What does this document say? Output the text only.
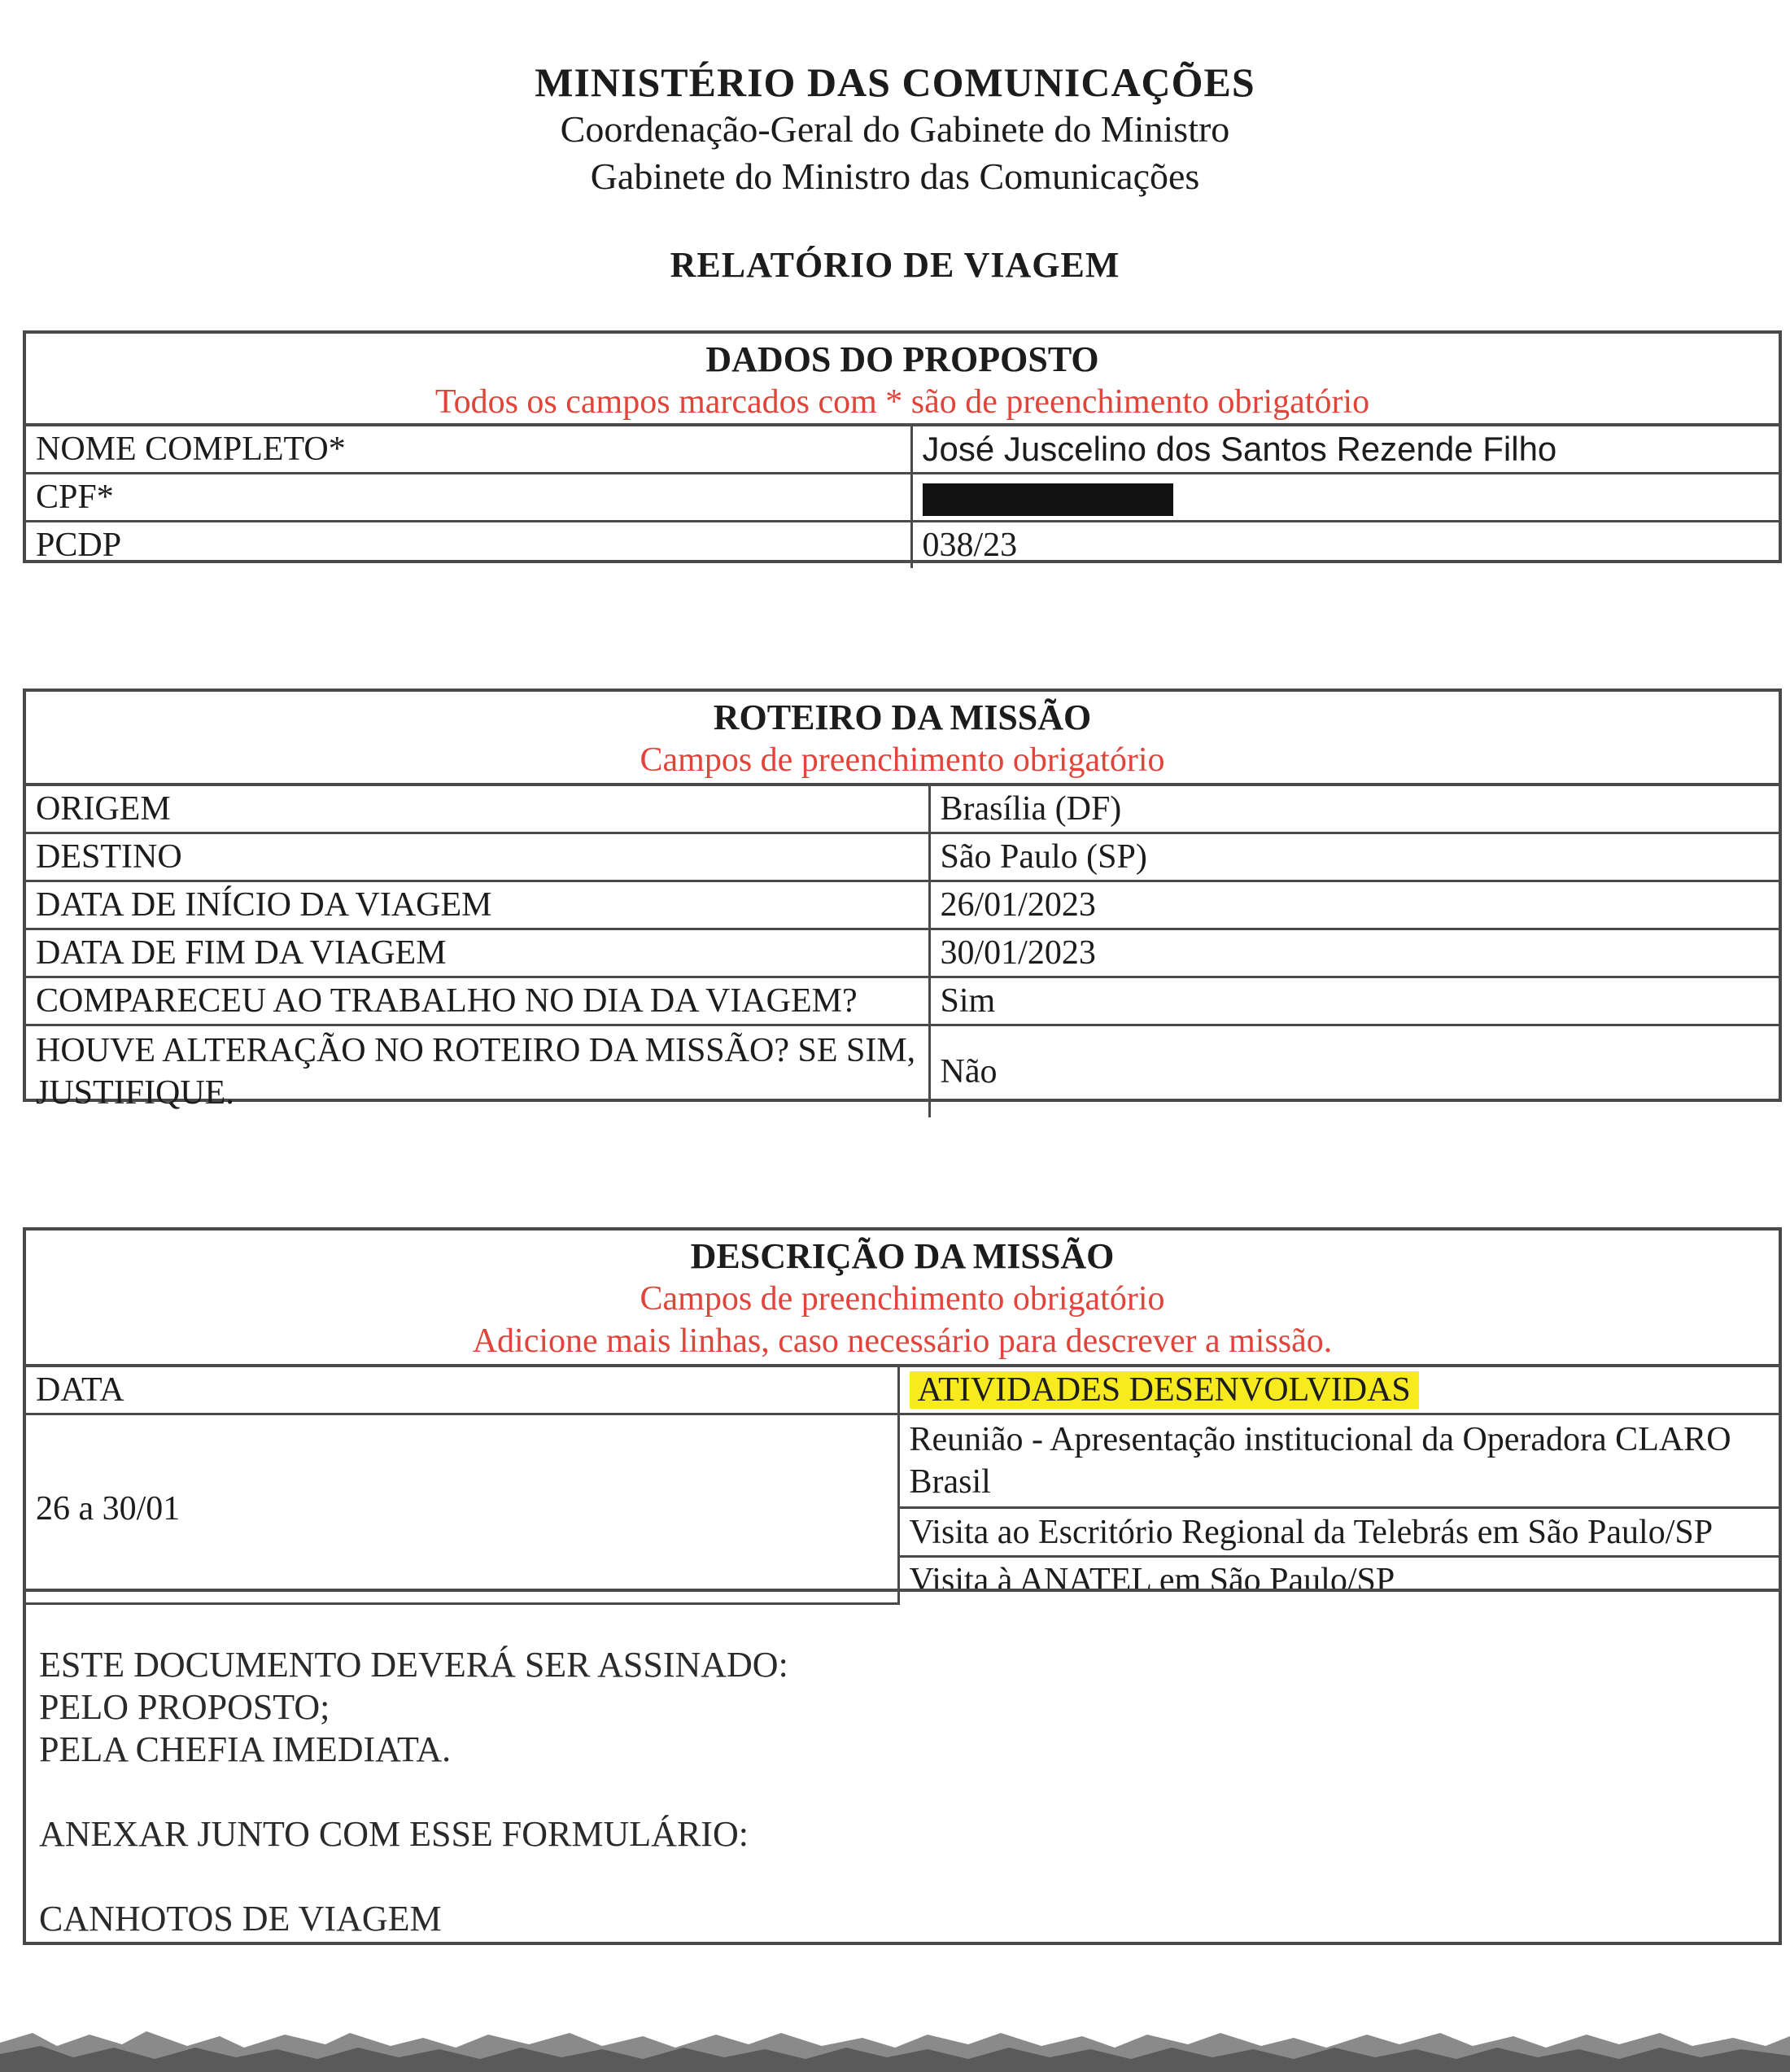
MINISTÉRIO DAS COMUNICAÇÕES
Coordenação-Geral do Gabinete do Ministro
Gabinete do Ministro das Comunicações
RELATÓRIO DE VIAGEM
DADOS DO PROPOSTO
Todos os campos marcados com * são de preenchimento obrigatório
NOME COMPLETO*	José Juscelino dos Santos Rezende Filho
CPF*	
PCDP	038/23
ROTEIRO DA MISSÃO
Campos de preenchimento obrigatório
ORIGEM	Brasília (DF)
DESTINO	São Paulo (SP)
DATA DE INÍCIO DA VIAGEM	26/01/2023
DATA DE FIM DA VIAGEM	30/01/2023
COMPARECEU AO TRABALHO NO DIA DA VIAGEM?	Sim
HOUVE ALTERAÇÃO NO ROTEIRO DA MISSÃO? SE SIM, JUSTIFIQUE.	Não
DESCRIÇÃO DA MISSÃO
Campos de preenchimento obrigatório
Adicione mais linhas, caso necessário para descrever a missão.
DATA	ATIVIDADES DESENVOLVIDAS
26 a 30/01	Reunião - Apresentação institucional da Operadora CLARO Brasil
	Visita ao Escritório Regional da Telebrás em São Paulo/SP
	Visita à ANATEL em São Paulo/SP
ESTE DOCUMENTO DEVERÁ SER ASSINADO:
PELO PROPOSTO;
PELA CHEFIA IMEDIATA.
ANEXAR JUNTO COM ESSE FORMULÁRIO:
CANHOTOS DE VIAGEM
